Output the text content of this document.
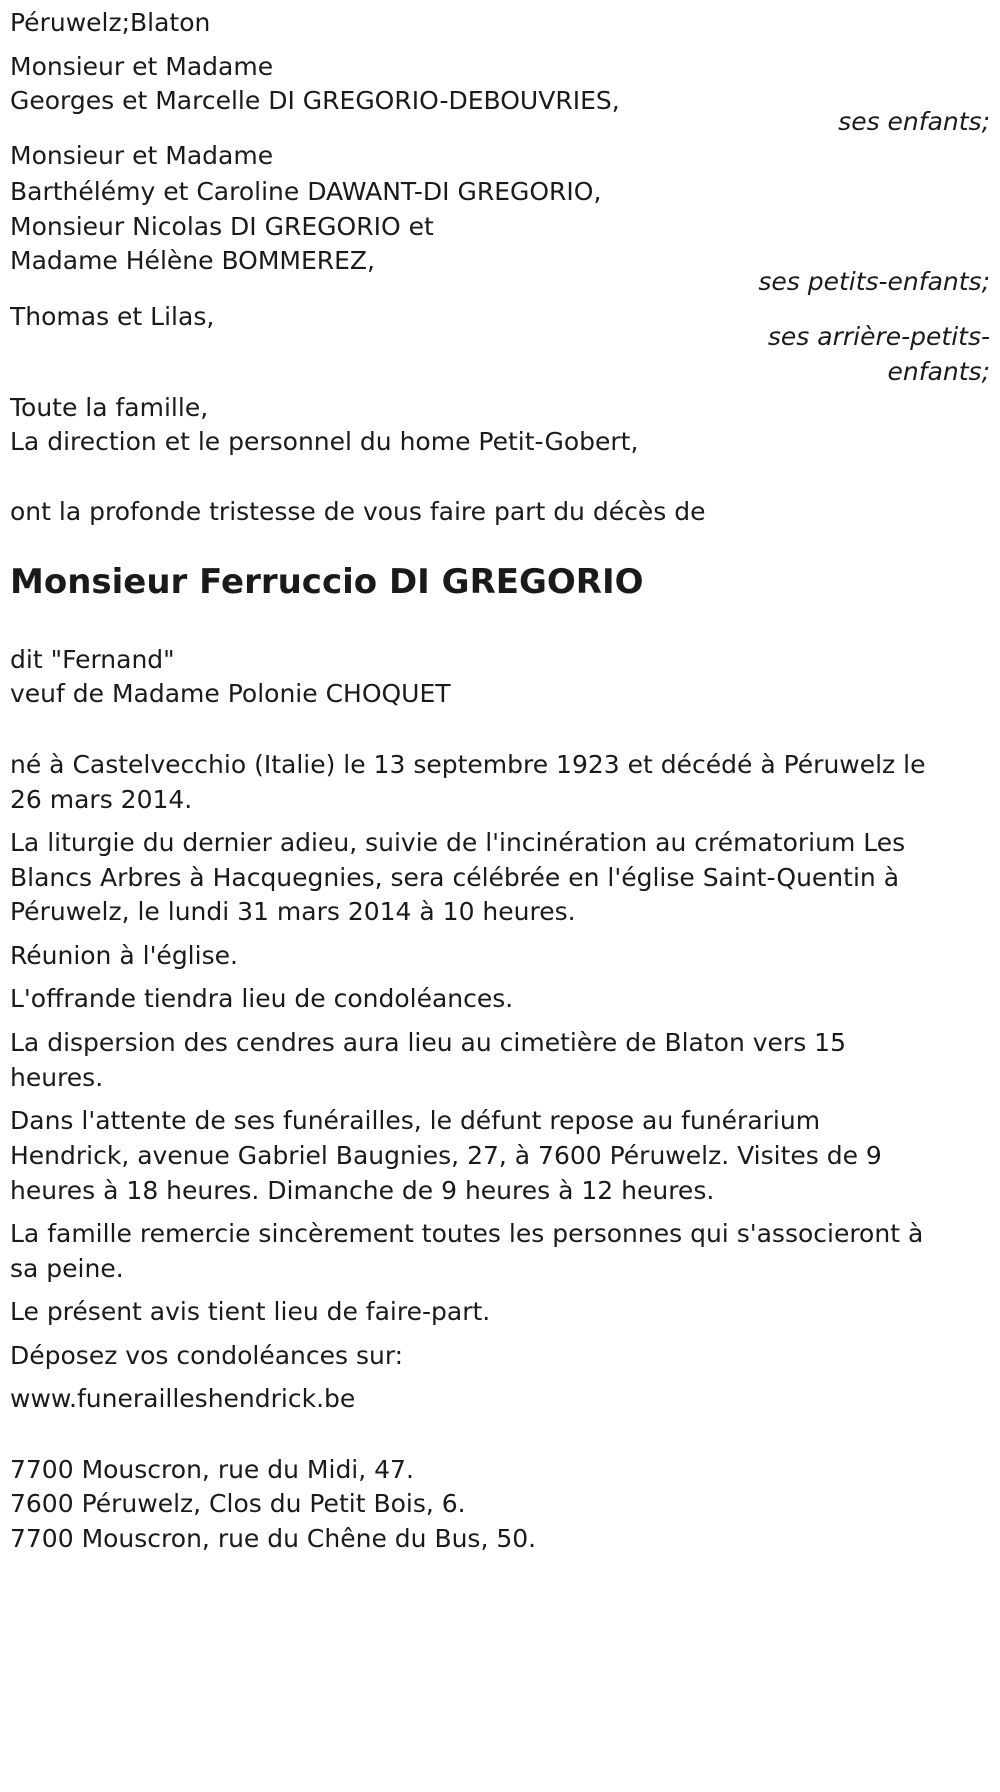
Péruwelz;Blaton
Monsieur et Madame
Georges et Marcelle DI GREGORIO-DEBOUVRIES,
ses enfants;
Monsieur et Madame
Barthélémy et Caroline DAWANT-DI GREGORIO,
Monsieur Nicolas DI GREGORIO et
Madame Hélène BOMMEREZ,
ses petits-enfants;
Thomas et Lilas,
ses arrière-petits-
enfants;
Toute la famille,
La direction et le personnel du home Petit-Gobert,
ont la profonde tristesse de vous faire part du décès de
Monsieur Ferruccio DI GREGORIO
dit "Fernand"
veuf de Madame Polonie CHOQUET
né à Castelvecchio (Italie) le 13 septembre 1923 et décédé à Péruwelz le
26 mars 2014.
La liturgie du dernier adieu, suivie de l'incinération au crématorium Les
Blancs Arbres à Hacquegnies, sera célébrée en l'église Saint-Quentin à
Péruwelz, le lundi 31 mars 2014 à 10 heures.
Réunion à l'église.
L'offrande tiendra lieu de condoléances.
La dispersion des cendres aura lieu au cimetière de Blaton vers 15
heures.
Dans l'attente de ses funérailles, le défunt repose au funérarium
Hendrick, avenue Gabriel Baugnies, 27, à 7600 Péruwelz. Visites de 9
heures à 18 heures. Dimanche de 9 heures à 12 heures.
La famille remercie sincèrement toutes les personnes qui s'associeront à
sa peine.
Le présent avis tient lieu de faire-part.
Déposez vos condoléances sur:
www.funerailleshendrick.be
7700 Mouscron, rue du Midi, 47.
7600 Péruwelz, Clos du Petit Bois, 6.
7700 Mouscron, rue du Chêne du Bus, 50.
